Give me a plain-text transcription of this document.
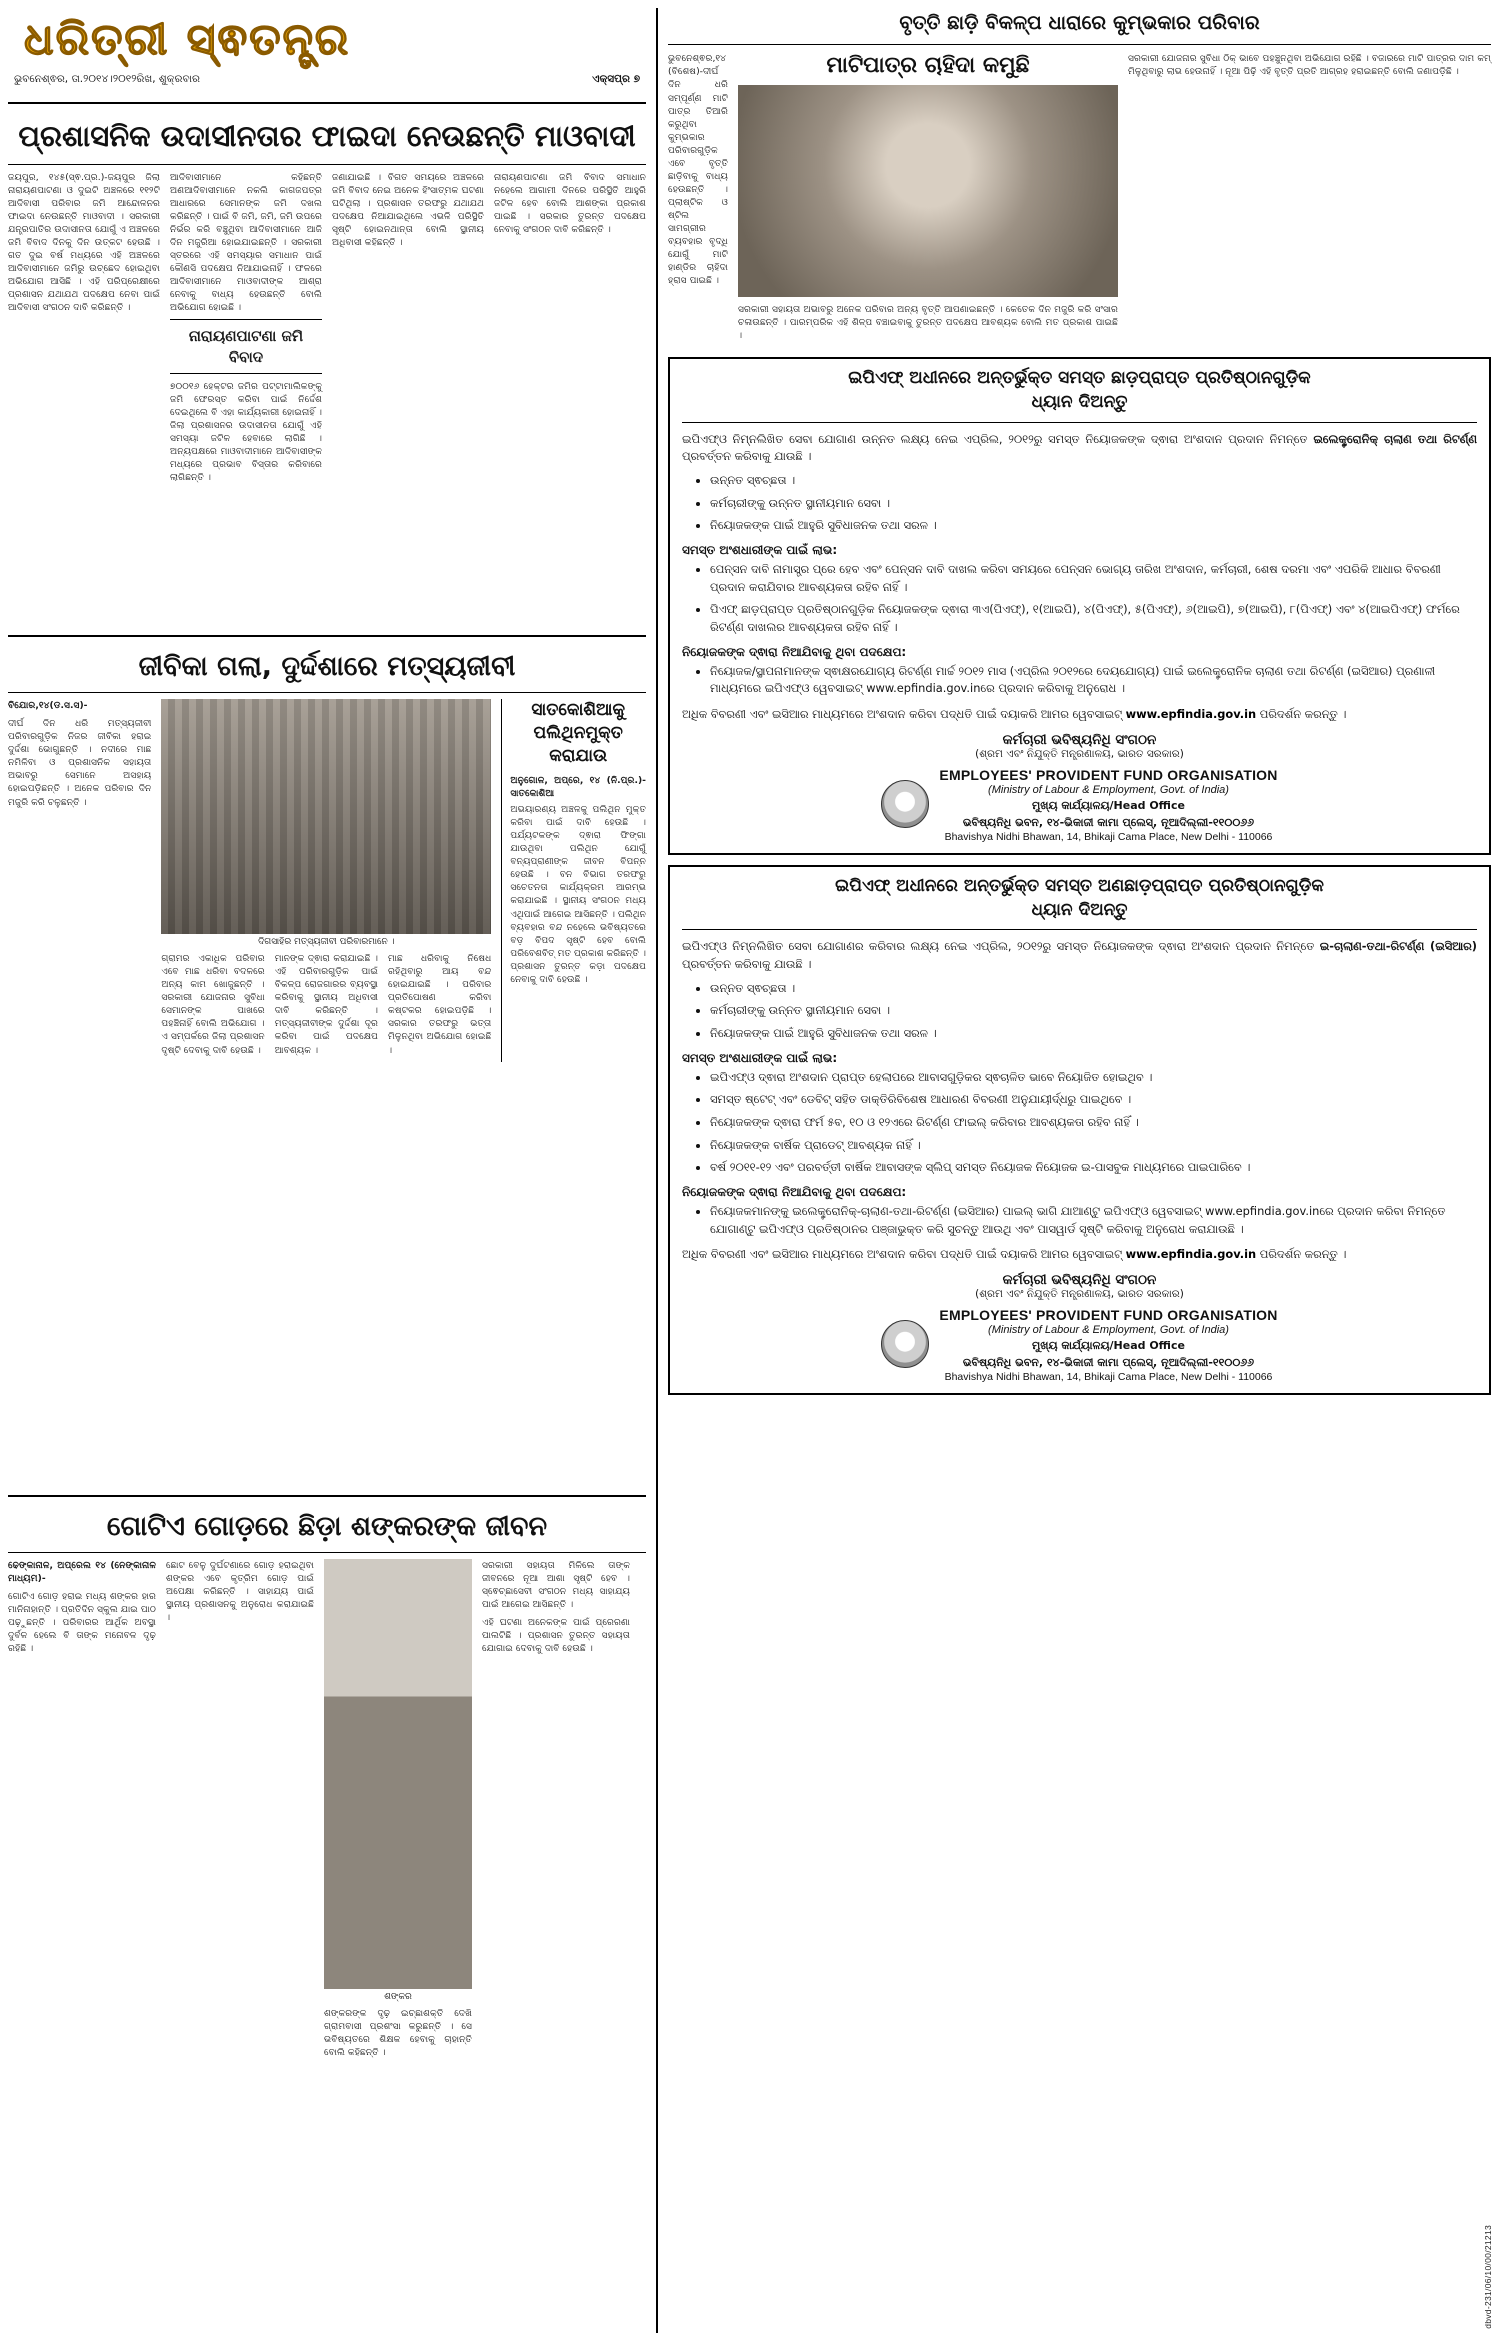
ଧରିତ୍ରୀ ସ୍ଵତନ୍ତ୍ର
ଭୁବନେଶ୍ଵର, ତା.୨୦୧୪।୨୦୧୨ରିଖ, ଶୁକ୍ରବାର	ଏକ୍ସପ୍ର ୭
ପ୍ରଶାସନିକ ଉଦାସୀନତାର ଫାଇଦା ନେଉଛନ୍ତି ମାଓବାଦୀ

ଜୟପୁର, ୧୪୫(ସ୍ଵ.ପ୍ର.)-ଜୟପୁର ଜିଲା ନାରାୟଣପାଟଣା ଓ ଦୁଇଟି ଅଞ୍ଚଳରେ ୧୧୨ଟି ଆଦିବାସୀ ପରିବାର ଜମି ଆନ୍ଦୋଳନର ଫାଇଦା ନେଉଛନ୍ତି ମାଓବାଦୀ । ସରକାରୀ ଯନ୍ତ୍ରପାତିର ଉଦାସୀନତା ଯୋଗୁଁ ଏ ଅଞ୍ଚଳରେ ଜମି ବିବାଦ ଦିନକୁ ଦିନ ଉତ୍କଟ ହେଉଛି । ଗତ ଦୁଇ ବର୍ଷ ମଧ୍ୟରେ ଏହି ଅଞ୍ଚଳରେ ଆଦିବାସୀମାନେ ଜମିରୁ ଉଚ୍ଛେଦ ହୋଇଥିବା ଅଭିଯୋଗ ଆସିଛି । ଏହି ପରିପ୍ରେକ୍ଷୀରେ ପ୍ରଶାସନ ଯଥାଯଥ ପଦକ୍ଷେପ ନେବା ପାଇଁ ଆଦିବାସୀ ସଂଗଠନ ଦାବି କରିଛନ୍ତି ।

ଆଦିବାସୀମାନେ କହିଛନ୍ତି ଅଣଆଦିବାସୀମାନେ ନକଲି କାଗଜପତ୍ର ଆଧାରରେ ସେମାନଙ୍କ ଜମି ଦଖଲ କରିଛନ୍ତି । ପାଇଁ ବି ଜମି, ଜମି, ଜମି ଉପରେ ନିର୍ଭର କରି ବଞ୍ଚୁଥିବା ଆଦିବାସୀମାନେ ଆଜି ଦିନ ମଜୁରିଆ ହୋଇଯାଇଛନ୍ତି । ସରକାରୀ ସ୍ତରରେ ଏହି ସମସ୍ୟାର ସମାଧାନ ପାଇଁ କୌଣସି ପଦକ୍ଷେପ ନିଆଯାଇନାହିଁ । ଫଳରେ ଆଦିବାସୀମାନେ ମାଓବାଦୀଙ୍କ ଆଶ୍ରା ନେବାକୁ ବାଧ୍ୟ ହେଉଛନ୍ତି ବୋଲି ଅଭିଯୋଗ ହୋଇଛି ।

ନାରାୟଣପାଟଣା ଜମି ବିବାଦ

୭୦୦୧୬ ହେକ୍ଟର ଜମିର ପଟ୍ଟାମାଲିକଙ୍କୁ ଜମି ଫେରସ୍ତ କରିବା ପାଇଁ ନିର୍ଦ୍ଦେଶ ଦେଇଥିଲେ ବି ଏହା କାର୍ଯ୍ୟକାରୀ ହୋଇନାହିଁ । ଜିଲା ପ୍ରଶାସନର ଉଦାସୀନତା ଯୋଗୁଁ ଏହି ସମସ୍ୟା ଜଟିଳ ହେବାରେ ଲାଗିଛି । ଅନ୍ୟପକ୍ଷରେ ମାଓବାଦୀମାନେ ଆଦିବାସୀଙ୍କ ମଧ୍ୟରେ ପ୍ରଭାବ ବିସ୍ତାର କରିବାରେ ଲାଗିଛନ୍ତି ।

ଜଣାଯାଇଛି । ବିଗତ ସମୟରେ ଅଞ୍ଚଳରେ ଜମି ବିବାଦ ନେଇ ଅନେକ ହିଂସାତ୍ମକ ଘଟଣା ଘଟିଥିଲା । ପ୍ରଶାସନ ତରଫରୁ ଯଥାଯଥ ପଦକ୍ଷେପ ନିଆଯାଇଥିଲେ ଏଭଳି ପରିସ୍ଥିତି ସୃଷ୍ଟି ହୋଇନଥାନ୍ତା ବୋଲି ସ୍ଥାନୀୟ ଅଧିବାସୀ କହିଛନ୍ତି ।

ନାରାୟଣପାଟଣା ଜମି ବିବାଦ ସମାଧାନ ନହେଲେ ଆଗାମୀ ଦିନରେ ପରିସ୍ଥିତି ଆହୁରି ଜଟିଳ ହେବ ବୋଲି ଆଶଙ୍କା ପ୍ରକାଶ ପାଇଛି । ସରକାର ତୁରନ୍ତ ପଦକ୍ଷେପ ନେବାକୁ ସଂଗଠନ ଦାବି କରିଛନ୍ତି ।

ଜୀବିକା ଗଲା, ଦୁର୍ଦ୍ଦଶାରେ ମତ୍ସ୍ୟଜୀବୀ

ବିଯୋର,୧୪(ଡ.ସ.ସ)-

ଦୀର୍ଘ ଦିନ ଧରି ମତ୍ସ୍ୟଜୀବୀ ପରିବାରଗୁଡ଼ିକ ନିଜର ଜୀବିକା ହରାଇ ଦୁର୍ଦ୍ଦଶା ଭୋଗୁଛନ୍ତି । ନଦୀରେ ମାଛ ନମିଳିବା ଓ ପ୍ରଶାସନିକ ସହାୟତା ଅଭାବରୁ ସେମାନେ ଅସହାୟ ହୋଇପଡ଼ିଛନ୍ତି । ଅନେକ ପରିବାର ଦିନ ମଜୁରି କରି ଚଳୁଛନ୍ତି ।

ଦିଗସାହିର ମତ୍ସ୍ୟଜୀବୀ ପରିବାରମାନେ ।

ଗ୍ରାମର ଏକାଧିକ ପରିବାର ଏବେ ମାଛ ଧରିବା ବଦଳରେ ଅନ୍ୟ କାମ ଖୋଜୁଛନ୍ତି । ସରକାରୀ ଯୋଜନାର ସୁବିଧା ସେମାନଙ୍କ ପାଖରେ ପହଞ୍ଚିନାହିଁ ବୋଲି ଅଭିଯୋଗ । ଏ ସମ୍ପର୍କରେ ଜିଲା ପ୍ରଶାସନ ଦୃଷ୍ଟି ଦେବାକୁ ଦାବି ହେଉଛି ।

ମାନଙ୍କ ଦ୍ଵାରା କରାଯାଇଛି । ଏହି ପରିବାରଗୁଡ଼ିକ ପାଇଁ ବିକଳ୍ପ ରୋଜଗାରର ବ୍ୟବସ୍ଥା କରିବାକୁ ସ୍ଥାନୀୟ ଅଧିବାସୀ ଦାବି କରିଛନ୍ତି । ମତ୍ସ୍ୟଜୀବୀଙ୍କ ଦୁର୍ଦ୍ଦଶା ଦୂର କରିବା ପାଇଁ ପଦକ୍ଷେପ ଆବଶ୍ୟକ ।

ମାଛ ଧରିବାକୁ ନିଷେଧ ରହିଥିବାରୁ ଆୟ ବନ୍ଦ ହୋଇଯାଇଛି । ପରିବାର ପ୍ରତିପୋଷଣ କରିବା କଷ୍ଟକର ହୋଇପଡ଼ିଛି । ସରକାର ତରଫରୁ ଭତ୍ତା ମିଳୁନଥିବା ଅଭିଯୋଗ ହୋଇଛି ।

ସାତକୋଶିଆକୁ ପଲିଥିନମୁକ୍ତ କରାଯାଉ

ଅନୁଗୋଳ, ଅପ୍ରେ, ୧୪ (ନି.ପ୍ର.)-ସାତକୋଶିଆ

ଅଭୟାରଣ୍ୟ ଅଞ୍ଚଳକୁ ପଲିଥିନ ମୁକ୍ତ କରିବା ପାଇଁ ଦାବି ହେଉଛି । ପର୍ଯ୍ୟଟକଙ୍କ ଦ୍ଵାରା ଫିଙ୍ଗା ଯାଉଥିବା ପଲିଥିନ ଯୋଗୁଁ ବନ୍ୟପ୍ରାଣୀଙ୍କ ଜୀବନ ବିପନ୍ନ ହେଉଛି । ବନ ବିଭାଗ ତରଫରୁ ସଚେତନତା କାର୍ଯ୍ୟକ୍ରମ ଆରମ୍ଭ କରାଯାଇଛି । ସ୍ଥାନୀୟ ସଂଗଠନ ମଧ୍ୟ ଏଥିପାଇଁ ଆଗେଇ ଆସିଛନ୍ତି । ପଲିଥିନ ବ୍ୟବହାର ବନ୍ଦ ନହେଲେ ଭବିଷ୍ୟତରେ ବଡ଼ ବିପଦ ସୃଷ୍ଟି ହେବ ବୋଲି ପରିବେଶବିତ୍ ମତ ପ୍ରକାଶ କରିଛନ୍ତି । ପ୍ରଶାସନ ତୁରନ୍ତ କଡ଼ା ପଦକ୍ଷେପ ନେବାକୁ ଦାବି ହେଉଛି ।

ଗୋଟିଏ ଗୋଡ଼ରେ ଛିଡ଼ା ଶଙ୍କରଙ୍କ ଜୀବନ

ଢେଙ୍କାନାଳ, ଅପ୍ରେଲ ୧୪ (ନେଙ୍କାନାଳ ମାଧ୍ୟମ)-

ଗୋଟିଏ ଗୋଡ଼ ହରାଇ ମଧ୍ୟ ଶଙ୍କର ହାର ମାନିନାହାନ୍ତି । ପ୍ରତିଦିନ ସ୍କୁଲ ଯାଇ ପାଠ ପଢ଼ୁଛନ୍ତି । ପରିବାରର ଆର୍ଥିକ ଅବସ୍ଥା ଦୁର୍ବଳ ହେଲେ ବି ତାଙ୍କ ମନୋବଳ ଦୃଢ଼ ରହିଛି ।

ଛୋଟ ବେଳୁ ଦୁର୍ଘଟଣାରେ ଗୋଡ଼ ହରାଇଥିବା ଶଙ୍କର ଏବେ କୃତ୍ରିମ ଗୋଡ଼ ପାଇଁ ଅପେକ୍ଷା କରିଛନ୍ତି । ସାହାଯ୍ୟ ପାଇଁ ସ୍ଥାନୀୟ ପ୍ରଶାସନକୁ ଅନୁରୋଧ କରାଯାଇଛି ।

ଶଙ୍କର

ଶଙ୍କରଙ୍କ ଦୃଢ଼ ଇଚ୍ଛାଶକ୍ତି ଦେଖି ଗ୍ରାମବାସୀ ପ୍ରଶଂସା କରୁଛନ୍ତି । ସେ ଭବିଷ୍ୟତରେ ଶିକ୍ଷକ ହେବାକୁ ଚାହାନ୍ତି ବୋଲି କହିଛନ୍ତି ।

ସରକାରୀ ସହାୟତା ମିଳିଲେ ତାଙ୍କ ଜୀବନରେ ନୂଆ ଆଶା ସୃଷ୍ଟି ହେବ । ସ୍ଵେଚ୍ଛାସେବୀ ସଂଗଠନ ମଧ୍ୟ ସାହାଯ୍ୟ ପାଇଁ ଆଗେଇ ଆସିଛନ୍ତି ।

ଏହି ଘଟଣା ଅନେକଙ୍କ ପାଇଁ ପ୍ରେରଣା ପାଲଟିଛି । ପ୍ରଶାସନ ତୁରନ୍ତ ସହାୟତା ଯୋଗାଇ ଦେବାକୁ ଦାବି ହେଉଛି ।

ବୃତ୍ତି ଛାଡ଼ି ବିକଳ୍ପ ଧାରାରେ କୁମ୍ଭକାର ପରିବାର

ଭୁବନେଶ୍ଵର,୧୪(ବିଶେଷ)-ଦୀର୍ଘ ଦିନ ଧରି ସମ୍ପୂର୍ଣ୍ଣ ମାଟି ପାତ୍ର ତିଆରି କରୁଥିବା କୁମ୍ଭକାର ପରିବାରଗୁଡ଼ିକ ଏବେ ବୃତ୍ତି ଛାଡ଼ିବାକୁ ବାଧ୍ୟ ହେଉଛନ୍ତି । ପ୍ଲାଷ୍ଟିକ ଓ ଷ୍ଟିଲ ସାମଗ୍ରୀର ବ୍ୟବହାର ବୃଦ୍ଧି ଯୋଗୁଁ ମାଟି ହାଣ୍ଡିର ଚାହିଦା ହ୍ରାସ ପାଇଛି ।

ମାଟିପାତ୍ର ଚାହିଦା କମୁଛି

ସରକାରୀ ସହାୟତା ଅଭାବରୁ ଅନେକ ପରିବାର ଅନ୍ୟ ବୃତ୍ତି ଆପଣାଇଛନ୍ତି । କେତେକ ଦିନ ମଜୁରି କରି ସଂସାର ଚଳାଉଛନ୍ତି । ପାରମ୍ପରିକ ଏହି ଶିଳ୍ପ ବଞ୍ଚାଇବାକୁ ତୁରନ୍ତ ପଦକ୍ଷେପ ଆବଶ୍ୟକ ବୋଲି ମତ ପ୍ରକାଶ ପାଇଛି ।

ସରକାରୀ ଯୋଜନାର ସୁବିଧା ଠିକ୍ ଭାବେ ପହଞ୍ଚୁନଥିବା ଅଭିଯୋଗ ରହିଛି । ବଜାରରେ ମାଟି ପାତ୍ରର ଦାମ କମ୍ ମିଳୁଥିବାରୁ ଲାଭ ହେଉନାହିଁ । ନୂଆ ପିଢ଼ି ଏହି ବୃତ୍ତି ପ୍ରତି ଆଗ୍ରହ ହରାଇଛନ୍ତି ବୋଲି ଜଣାପଡ଼ିଛି ।

ଇପିଏଫ୍ ଅଧୀନରେ ଅନ୍ତର୍ଭୁକ୍ତ ସମସ୍ତ ଛାଡ଼ପ୍ରାପ୍ତ ପ୍ରତିଷ୍ଠାନଗୁଡ଼ିକ
ଧ୍ୟାନ ଦିଅନ୍ତୁ

ଇପିଏଫ୍ଓ ନିମ୍ନଲିଖିତ ସେବା ଯୋଗାଣ ଉନ୍ନତ ଲକ୍ଷ୍ୟ ନେଇ ଏପ୍ରିଲ, ୨୦୧୨ରୁ ସମସ୍ତ ନିୟୋଜକଙ୍କ ଦ୍ଵାରା ଅଂଶଦାନ ପ୍ରଦାନ ନିମନ୍ତେ ଇଲେକ୍ଟ୍ରୋନିକ୍ ଚାଲାଣ ତଥା ରିଟର୍ଣ୍ଣ ପ୍ରବର୍ତ୍ତନ କରିବାକୁ ଯାଉଛି ।

• ଉନ୍ନତ ସ୍ଵଚ୍ଛତା ।
• କର୍ମଚାରୀଙ୍କୁ ଉନ୍ନତ ସ୍ଥାନୀୟମାନ ସେବା ।
• ନିୟୋଜକଙ୍କ ପାଇଁ ଆହୁରି ସୁବିଧାଜନକ ତଥା ସରଳ ।
ସମସ୍ତ ଅଂଶଧାରୀଙ୍କ ପାଇଁ ଲାଭ:
• ପେନ୍ସନ ଦାବି ନାମାସ୍ତ୍ର ପ୍ରେ ହେବ ଏବଂ ପେନ୍ସନ ଦାବି ଦାଖଲ କରିବା ସମୟରେ ପେନ୍ସନ ଭୋଗ୍ୟ ତାରିଖ ଅଂଶଦାନ, କର୍ମଚାରୀ, ଶେଷ ଦରମା ଏବଂ ଏପରିକି ଆଧାର ବିବରଣୀ ପ୍ରଦାନ କରାଯିବାର ଆବଶ୍ୟକତା ରହିବ ନାହିଁ ।
• ପିଏଫ୍ ଛାଡ଼ପ୍ରାପ୍ତ ପ୍ରତିଷ୍ଠାନଗୁଡ଼ିକ ନିୟୋଜକଙ୍କ ଦ୍ଵାରା ୩ଏ(ପିଏଫ୍), ୧(ଆଇପି), ୪(ପିଏଫ୍), ୫(ପିଏଫ୍), ୬(ଆଇପି), ୭(ଆଇପି), ୮(ପିଏଫ୍) ଏବଂ ୪(ଆଇପିଏଫ୍) ଫର୍ମରେ ରିଟର୍ଣ୍ଣ ଦାଖଲର ଆବଶ୍ୟକତା ରହିବ ନାହିଁ ।
ନିୟୋଜକଙ୍କ ଦ୍ଵାରା ନିଆଯିବାକୁ ଥିବା ପଦକ୍ଷେପ:
• ନିୟୋଜକ/ସ୍ଥାପନାମାନଙ୍କ ସ୍ଵାକ୍ଷରଯୋଗ୍ୟ ରିଟର୍ଣ୍ଣ ମାର୍ଚ୍ଚ ୨୦୧୨ ମାସ (ଏପ୍ରିଲ ୨୦୧୨ରେ ଦେୟଯୋଗ୍ୟ) ପାଇଁ ଇଲେକ୍ଟ୍ରୋନିକ ଚାଲାଣ ତଥା ରିଟର୍ଣ୍ଣ (ଇସିଆର) ପ୍ରଣାଳୀ ମାଧ୍ୟମରେ ଇପିଏଫ୍ଓ ୱେବସାଇଟ୍ www.epfindia.gov.inରେ ପ୍ରଦାନ କରିବାକୁ ଅନୁରୋଧ ।

ଅଧିକ ବିବରଣୀ ଏବଂ ଇସିଆର ମାଧ୍ୟମରେ ଅଂଶଦାନ କରିବା ପଦ୍ଧତି ପାଇଁ ଦୟାକରି ଆମର ୱେବସାଇଟ୍ www.epfindia.gov.in ପରିଦର୍ଶନ କରନ୍ତୁ ।

କର୍ମଚାରୀ ଭବିଷ୍ୟନିଧି ସଂଗଠନ
(ଶ୍ରମ ଏବଂ ନିଯୁକ୍ତି ମନ୍ତ୍ରଣାଳୟ, ଭାରତ ସରକାର)
EMPLOYEES' PROVIDENT FUND ORGANISATION
(Ministry of Labour & Employment, Govt. of India)
ମୁଖ୍ୟ କାର୍ଯ୍ୟାଳୟ/Head Office
ଭବିଷ୍ୟନିଧି ଭବନ, ୧୪-ଭିକାଜୀ କାମା ପ୍ଲେସ୍, ନୂଆଦିଲ୍ଲୀ-୧୧୦୦୬୬
Bhavishya Nidhi Bhawan, 14, Bhikaji Cama Place, New Delhi - 110066
ଇପିଏଫ୍ ଅଧୀନରେ ଅନ୍ତର୍ଭୁକ୍ତ ସମସ୍ତ ଅଣଛାଡ଼ପ୍ରାପ୍ତ ପ୍ରତିଷ୍ଠାନଗୁଡ଼ିକ
ଧ୍ୟାନ ଦିଅନ୍ତୁ

ଇପିଏଫ୍ଓ ନିମ୍ନଲିଖିତ ସେବା ଯୋଗାଣର କରିବାର ଲକ୍ଷ୍ୟ ନେଇ ଏପ୍ରିଲ, ୨୦୧୨ରୁ ସମସ୍ତ ନିୟୋଜକଙ୍କ ଦ୍ଵାରା ଅଂଶଦାନ ପ୍ରଦାନ ନିମନ୍ତେ ଇ-ଚାଲାଣ-ତଥା-ରିଟର୍ଣ୍ଣ (ଇସିଆର) ପ୍ରବର୍ତ୍ତନ କରିବାକୁ ଯାଉଛି ।

• ଉନ୍ନତ ସ୍ଵଚ୍ଛତା ।
• କର୍ମଚାରୀଙ୍କୁ ଉନ୍ନତ ସ୍ଥାନୀୟମାନ ସେବା ।
• ନିୟୋଜକଙ୍କ ପାଇଁ ଆହୁରି ସୁବିଧାଜନକ ତଥା ସରଳ ।
ସମସ୍ତ ଅଂଶଧାରୀଙ୍କ ପାଇଁ ଲାଭ:
• ଇପିଏଫ୍ଓ ଦ୍ଵାରା ଅଂଶଦାନ ପ୍ରାପ୍ତ ହେଲାପରେ ଆବାସଗୁଡ଼ିକର ସ୍ଵଚାଳିତ ଭାବେ ନିୟୋଜିତ ହୋଇଥିବ ।
• ସମସ୍ତ ଷ୍ଟେଟ୍ ଏବଂ ଡେବିଟ୍ ସହିତ ଡାକ୍ତିରିବିଶେଷ ଆଧାରଣ ବିବରଣୀ ଅନୁଯାୟୀର୍ଦ୍ଧରୁ ପାଇଥିବେ ।
• ନିୟୋଜକଙ୍କ ଦ୍ଵାରା ଫର୍ମ ୫ବ, ୧୦ ଓ ୧୨ଏରେ ରିଟର୍ଣ୍ଣ ଫାଇଲ୍ କରିବାର ଆବଶ୍ୟକତା ରହିବ ନାହିଁ ।
• ନିୟୋଜକଙ୍କ ବାର୍ଷିକ ପ୍ରାଡେଟ୍ ଆବଶ୍ୟକ ନାହିଁ ।
• ବର୍ଷ ୨୦୧୧-୧୨ ଏବଂ ପରବର୍ତ୍ତୀ ବାର୍ଷିକ ଆବାସଙ୍କ ସ୍ଲିପ୍ ସମସ୍ତ ନିୟୋଜକ ନିୟୋଜକ ଇ-ପାସବୁକ ମାଧ୍ୟମରେ ପାଇପାରିବେ ।
ନିୟୋଜକଙ୍କ ଦ୍ଵାରା ନିଆଯିବାକୁ ଥିବା ପଦକ୍ଷେପ:
• ନିୟୋଜକମାନଙ୍କୁ ଇଲେକ୍ଟ୍ରୋନିକ୍-ଚାଲାଣ-ତଥା-ରିଟର୍ଣ୍ଣ (ଇସିଆର) ପାଇଲ୍ ଭାଗି ଯାଆଣ୍ଟୁ ଇପିଏଫ୍ଓ ୱେବସାଇଟ୍ www.epfindia.gov.inରେ ପ୍ରଦାନ କରିବା ନିମନ୍ତେ ଯୋଗାଣ୍ଟୁ ଇପିଏଫ୍ଓ ପ୍ରତିଷ୍ଠାନର ପଞ୍ଜାଭୁକ୍ତ କରି ସୁଚନ୍ତୁ ଆଉଥି ଏବଂ ପାସୱାର୍ଡ ସୃଷ୍ଟି କରିବାକୁ ଅନୁରୋଧ କରାଯାଉଛି ।

ଅଧିକ ବିବରଣୀ ଏବଂ ଇସିଆର ମାଧ୍ୟମରେ ଅଂଶଦାନ କରିବା ପଦ୍ଧତି ପାଇଁ ଦୟାକରି ଆମର ୱେବସାଇଟ୍ www.epfindia.gov.in ପରିଦର୍ଶନ କରନ୍ତୁ ।

କର୍ମଚାରୀ ଭବିଷ୍ୟନିଧି ସଂଗଠନ
(ଶ୍ରମ ଏବଂ ନିଯୁକ୍ତି ମନ୍ତ୍ରଣାଳୟ, ଭାରତ ସରକାର)
EMPLOYEES' PROVIDENT FUND ORGANISATION
(Ministry of Labour & Employment, Govt. of India)
ମୁଖ୍ୟ କାର୍ଯ୍ୟାଳୟ/Head Office
ଭବିଷ୍ୟନିଧି ଭବନ, ୧୪-ଭିକାଜୀ କାମା ପ୍ଲେସ୍, ନୂଆଦିଲ୍ଲୀ-୧୧୦୦୬୬
Bhavishya Nidhi Bhawan, 14, Bhikaji Cama Place, New Delhi - 110066
dbvd-231/06/10/00/21213
